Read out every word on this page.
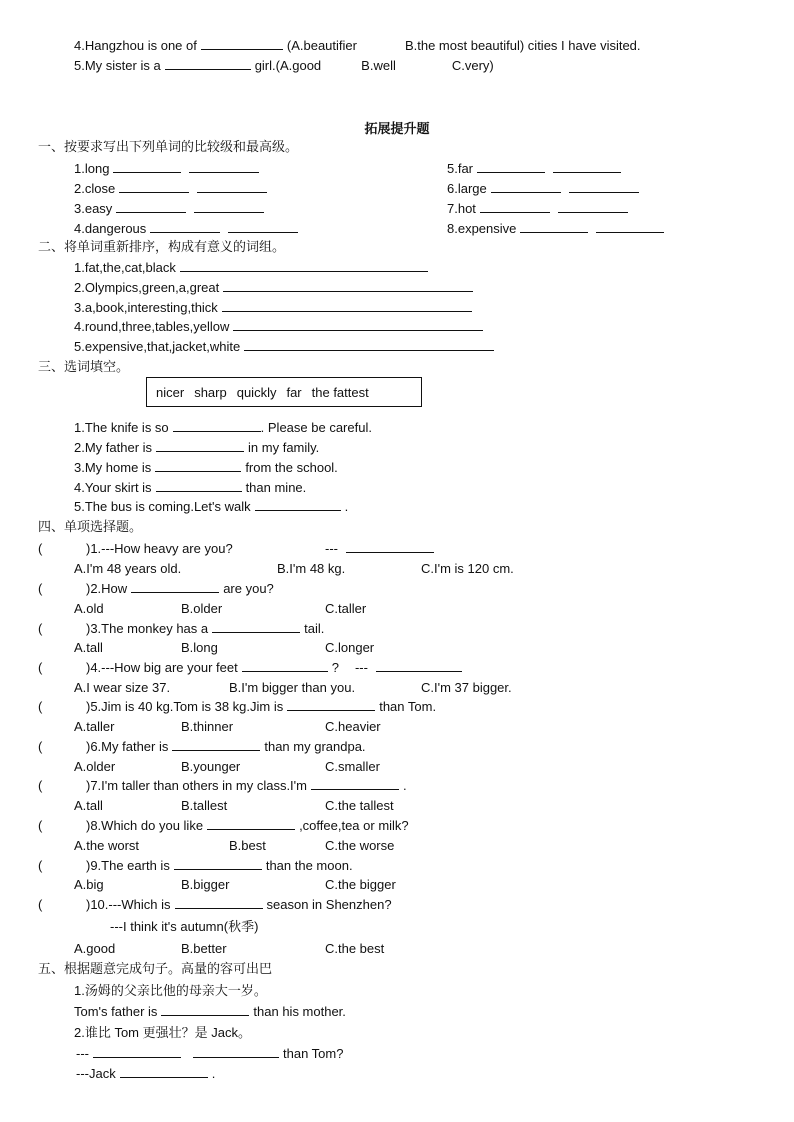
4.Hangzhou is one of	(A.beautifier	B.the most beautiful) cities I have visited.
5.My sister is a	girl.(A.good	B.well	C.very)
拓展提升题
一、按要求写出下列单词的比较级和最高级。
1.long
2.close
3.easy
4.dangerous
5.far
6.large
7.hot
8.expensive
二、将单词重新排序，构成有意义的词组。
1.fat,the,cat,black
2.Olympics,green,a,great
3.a,book,interesting,thick
4.round,three,tables,yellow
5.expensive,that,jacket,white
三、选词填空。
nicer sharp quickly far the fattest
1.The knife is so	. Please be careful.
2.My father is	in my family.
3.My home is	from the school.
4.Your skirt is	than mine.
5.The bus is coming.Let's walk	.
四、单项选择题。
(	)1.---How heavy are you?	---
A.I'm 48 years old.	B.I'm 48 kg.	C.I'm is 120 cm.
(	)2.How	are you?
A.old	B.older	C.taller
(	)3.The monkey has a	tail.
A.tall	B.long	C.longer
(	)4.---How big are your feet	? ---
A.I wear size 37.	B.I'm bigger than you.	C.I'm 37 bigger.
(	)5.Jim is 40 kg.Tom is 38 kg.Jim is	than Tom.
A.taller	B.thinner	C.heavier
(	)6.My father is	than my grandpa.
A.older	B.younger	C.smaller
(	)7.I'm taller than others in my class.I'm	.
A.tall	B.tallest	C.the tallest
(	)8.Which do you like	,coffee,tea or milk?
A.the worst	B.best	C.the worse
(	)9.The earth is	than the moon.
A.big	B.bigger	C.the bigger
(	)10.---Which is	season in Shenzhen?
---I think it's autumn(秋季)
A.good	B.better	C.the best
五、根据题意完成句子。高量的容可出巴
1.汤姆的父亲比他的母亲大一岁。
Tom's father is	than his mother.
2.谁比 Tom 更强壮？是 Jack。
---	than Tom?
---Jack	.
